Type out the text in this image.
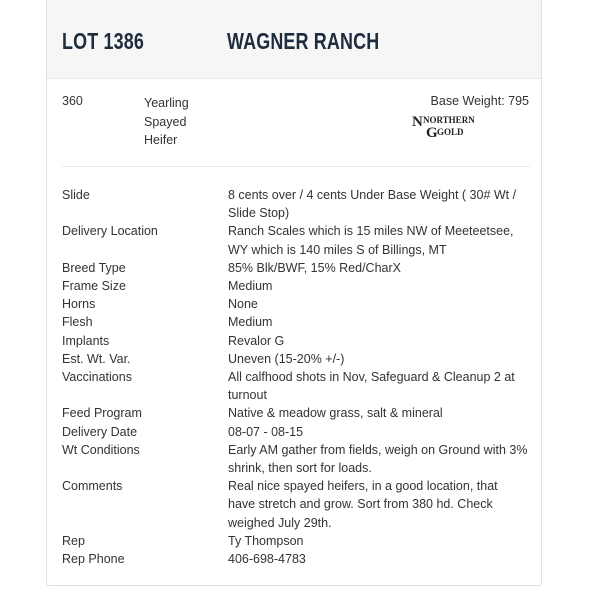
LOT 1386	WAGNER RANCH
360	Yearling
Spayed
Heifer
Base Weight: 795
Slide	8 cents over / 4 cents Under Base Weight ( 30# Wt / Slide Stop)
Delivery Location	Ranch Scales which is 15 miles NW of Meeteetsee, WY which is 140 miles S of Billings, MT
Breed Type	85% Blk/BWF, 15% Red/CharX
Frame Size	Medium
Horns	None
Flesh	Medium
Implants	Revalor G
Est. Wt. Var.	Uneven (15-20% +/-)
Vaccinations	All calfhood shots in Nov, Safeguard & Cleanup 2 at turnout
Feed Program	Native & meadow grass, salt & mineral
Delivery Date	08-07 - 08-15
Wt Conditions	Early AM gather from fields, weigh on Ground with 3% shrink, then sort for loads.
Comments	Real nice spayed heifers, in a good location, that have stretch and grow. Sort from 380 hd. Check weighed July 29th.
Rep	Ty Thompson
Rep Phone	406-698-4783
N NORTHERN
G GOLD
